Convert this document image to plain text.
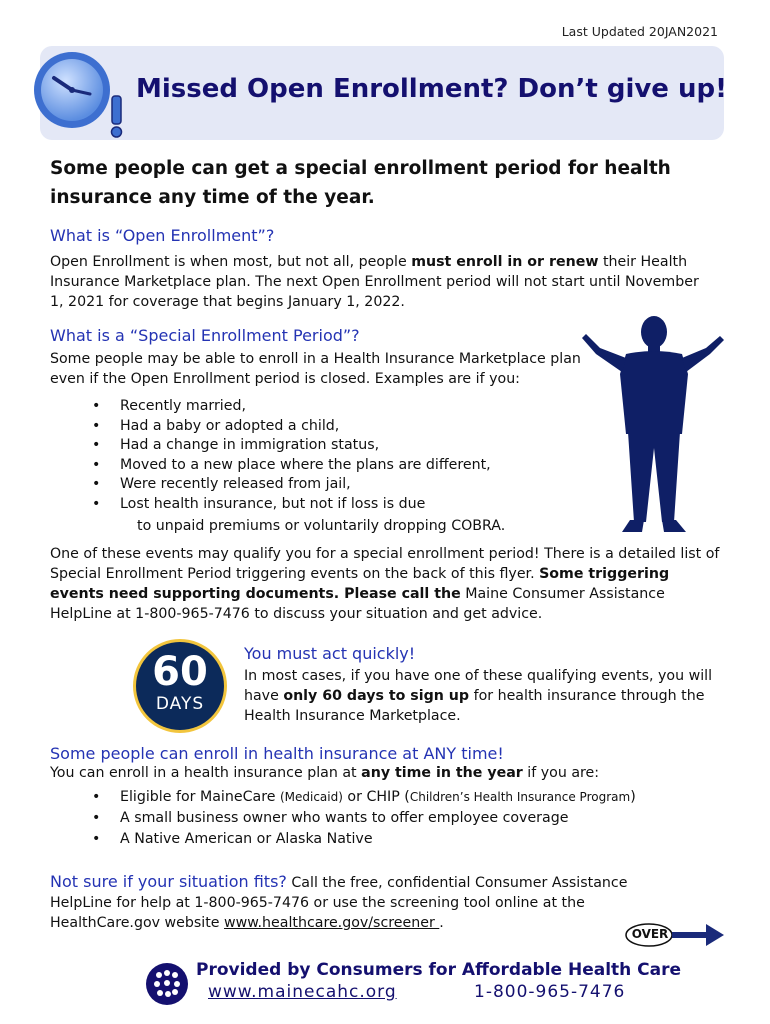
Last Updated 20JAN2021
Missed Open Enrollment? Don’t give up!
Some people can get a special enrollment period for health insurance any time of the year.
What is “Open Enrollment”?
Open Enrollment is when most, but not all, people must enroll in or renew their Health Insurance Marketplace plan. The next Open Enrollment period will not start until November 1, 2021 for coverage that begins January 1, 2022.
What is a “Special Enrollment Period”?
Some people may be able to enroll in a Health Insurance Marketplace plan even if the Open Enrollment period is closed. Examples are if you:
• Recently married,
• Had a baby or adopted a child,
• Had a change in immigration status,
• Moved to a new place where the plans are different,
• Were recently released from jail,
• Lost health insurance, but not if loss is due
to unpaid premiums or voluntarily dropping COBRA.
One of these events may qualify you for a special enrollment period! There is a detailed list of Special Enrollment Period triggering events on the back of this flyer. Some triggering events need supporting documents. Please call the Maine Consumer Assistance HelpLine at 1-800-965-7476 to discuss your situation and get advice.
60
DAYS
You must act quickly!
In most cases, if you have one of these qualifying events, you will have only 60 days to sign up for health insurance through the Health Insurance Marketplace.
Some people can enroll in health insurance at ANY time!
You can enroll in a health insurance plan at any time in the year if you are:
• Eligible for MaineCare (Medicaid) or CHIP (Children’s Health Insurance Program)
• A small business owner who wants to offer employee coverage
• A Native American or Alaska Native
Not sure if your situation fits? Call the free, confidential Consumer Assistance HelpLine for help at 1-800-965-7476 or use the screening tool online at the HealthCare.gov website www.healthcare.gov/screener .
OVER
Provided by Consumers for Affordable Health Care
www.mainecahc.org	1-800-965-7476
